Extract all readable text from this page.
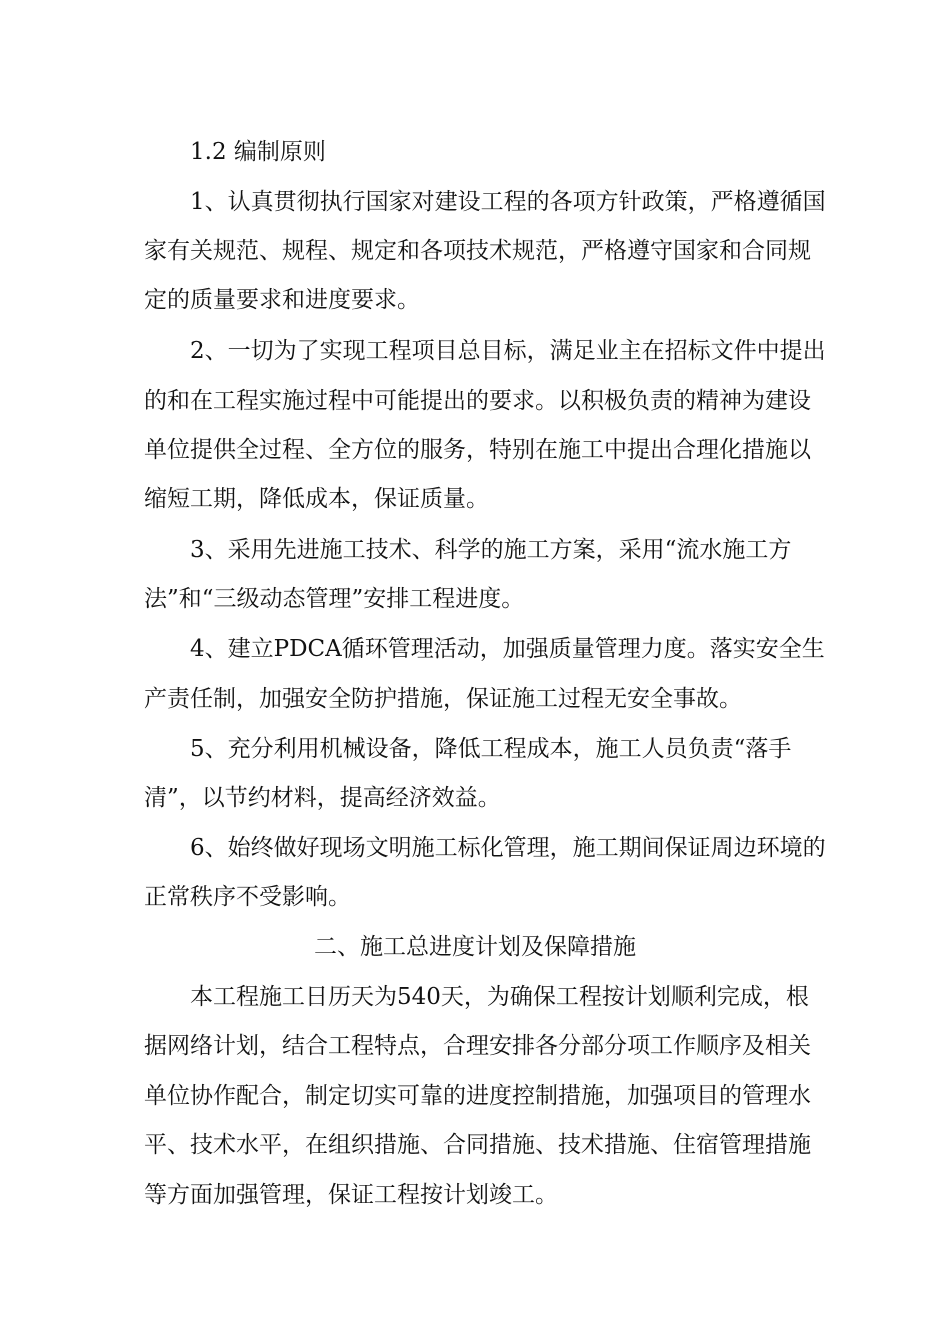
1.2 编制原则
1、认真贯彻执行国家对建设工程的各项方针政策，严格遵循国
家有关规范、规程、规定和各项技术规范，严格遵守国家和合同规
定的质量要求和进度要求。
2、一切为了实现工程项目总目标，满足业主在招标文件中提出
的和在工程实施过程中可能提出的要求。以积极负责的精神为建设
单位提供全过程、全方位的服务，特别在施工中提出合理化措施以
缩短工期，降低成本，保证质量。
3、采用先进施工技术、科学的施工方案，采用“流水施工方
法”和“三级动态管理”安排工程进度。
4、建立PDCA循环管理活动，加强质量管理力度。落实安全生
产责任制，加强安全防护措施，保证施工过程无安全事故。
5、充分利用机械设备，降低工程成本，施工人员负责“落手
清”，以节约材料，提高经济效益。
6、始终做好现场文明施工标化管理，施工期间保证周边环境的
正常秩序不受影响。
二、施工总进度计划及保障措施
本工程施工日历天为540天，为确保工程按计划顺利完成，根
据网络计划，结合工程特点，合理安排各分部分项工作顺序及相关
单位协作配合，制定切实可靠的进度控制措施，加强项目的管理水
平、技术水平，在组织措施、合同措施、技术措施、住宿管理措施
等方面加强管理，保证工程按计划竣工。
